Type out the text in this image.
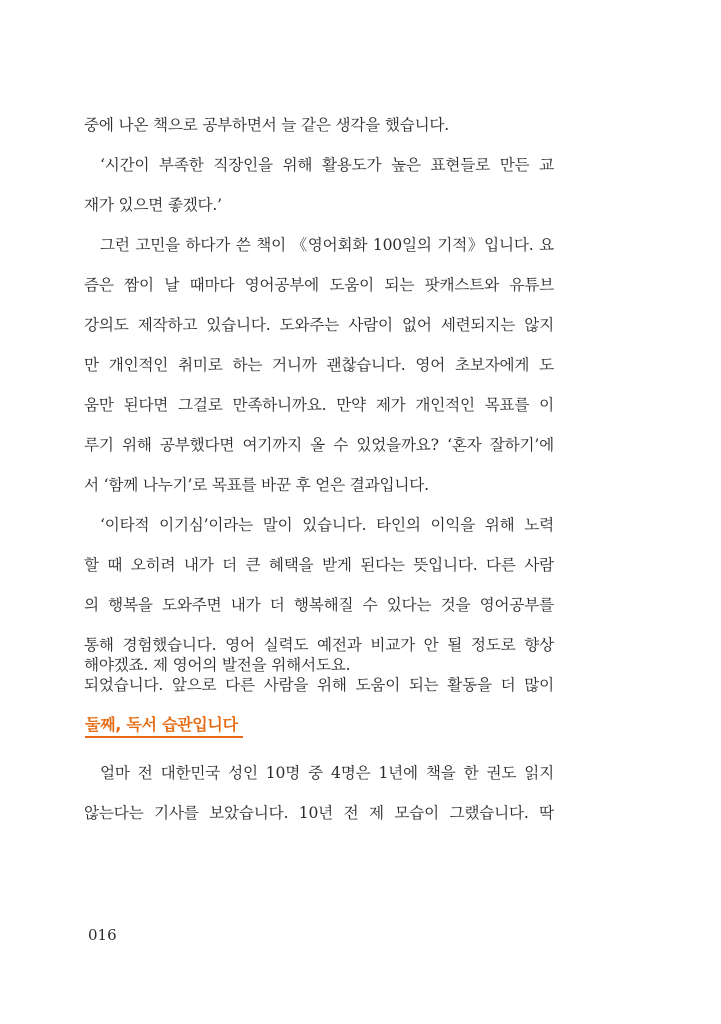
중에 나온 책으로 공부하면서 늘 같은 생각을 했습니다.
‘시간이 부족한 직장인을 위해 활용도가 높은 표현들로 만든 교
재가 있으면 좋겠다.’
그런 고민을 하다가 쓴 책이 《영어회화 100일의 기적》입니다. 요
즘은 짬이 날 때마다 영어공부에 도움이 되는 팟캐스트와 유튜브
강의도 제작하고 있습니다. 도와주는 사람이 없어 세련되지는 않지
만 개인적인 취미로 하는 거니까 괜찮습니다. 영어 초보자에게 도
움만 된다면 그걸로 만족하니까요. 만약 제가 개인적인 목표를 이
루기 위해 공부했다면 여기까지 올 수 있었을까요? ‘혼자 잘하기’에
서 ‘함께 나누기’로 목표를 바꾼 후 얻은 결과입니다.
‘이타적 이기심’이라는 말이 있습니다. 타인의 이익을 위해 노력
할 때 오히려 내가 더 큰 혜택을 받게 된다는 뜻입니다. 다른 사람
의 행복을 도와주면 내가 더 행복해질 수 있다는 것을 영어공부를
통해 경험했습니다. 영어 실력도 예전과 비교가 안 될 정도로 향상
되었습니다. 앞으로 다른 사람을 위해 도움이 되는 활동을 더 많이
해야겠죠. 제 영어의 발전을 위해서도요.
둘째, 독서 습관입니다
얼마 전 대한민국 성인 10명 중 4명은 1년에 책을 한 권도 읽지
않는다는 기사를 보았습니다. 10년 전 제 모습이 그랬습니다. 딱
016
